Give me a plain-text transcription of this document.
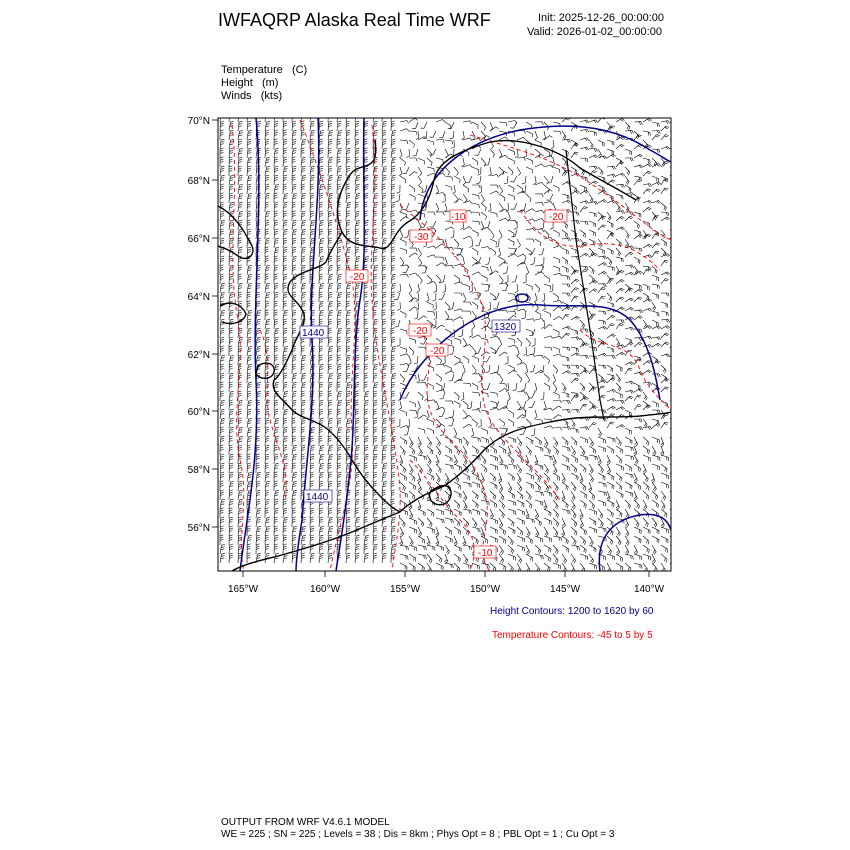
IWFAQRP Alaska Real Time WRF	Init: 2025-12-26_00:00:00
Valid: 2026-01-02_00:00:00
Temperature (C)
Height (m)
Winds (kts)
-20
-20
-20
-20
-10
-10
-30
1440
1440
1320
70°N
68°N
66°N
64°N
62°N
60°N
58°N
56°N
165°W	160°W	155°W	150°W	145°W	140°W
Height Contours: 1200 to 1620 by 60
Temperature Contours: -45 to 5 by 5
OUTPUT FROM WRF V4.6.1 MODEL
WE = 225 ; SN = 225 ; Levels = 38 ; Dis = 8km ; Phys Opt = 8 ; PBL Opt = 1 ; Cu Opt = 3
